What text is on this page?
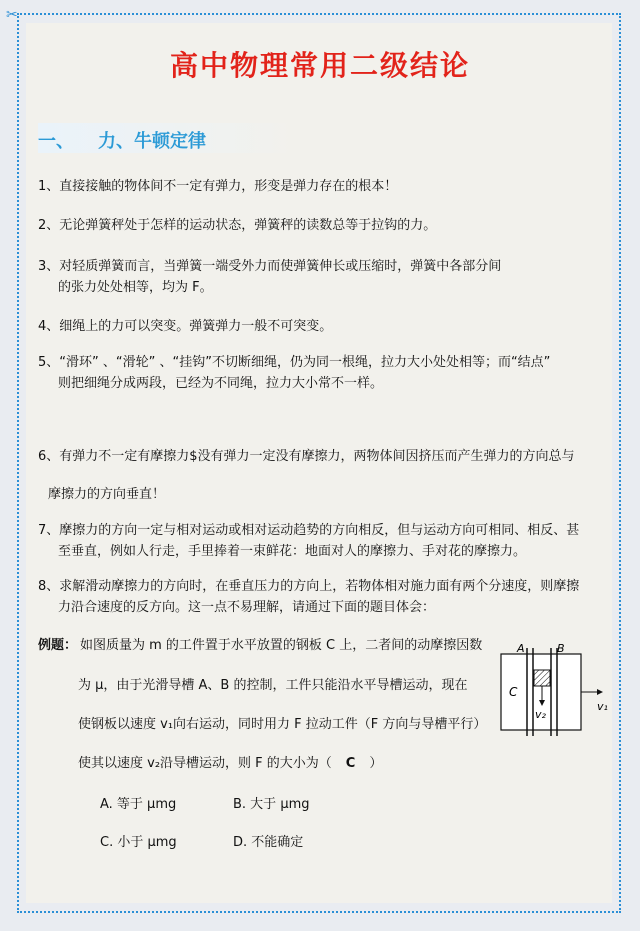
✂
高中物理常用二级结论
一、 力、牛顿定律
1、直接接触的物体间不一定有弹力，形变是弹力存在的根本！
2、无论弹簧秤处于怎样的运动状态，弹簧秤的读数总等于拉钩的力。
3、对轻质弹簧而言，当弹簧一端受外力而使弹簧伸长或压缩时，弹簧中各部分间
的张力处处相等，均为 F。
4、细绳上的力可以突变。弹簧弹力一般不可突变。
5、“滑环” 、“滑轮” 、“挂钩”不切断细绳，仍为同一根绳，拉力大小处处相等；而“结点”
则把细绳分成两段，已经为不同绳，拉力大小常不一样。
6、有弹力不一定有摩擦力$没有弹力一定没有摩擦力，两物体间因挤压而产生弹力的方向总与
摩擦力的方向垂直！
7、摩擦力的方向一定与相对运动或相对运动趋势的方向相反，但与运动方向可相同、相反、甚
至垂直，例如人行走，手里捧着一束鲜花：地面对人的摩擦力、手对花的摩擦力。
8、求解滑动摩擦力的方向时，在垂直压力的方向上，若物体相对施力面有两个分速度，则摩擦
力沿合速度的反方向。这一点不易理解，请通过下面的题目体会：
例题： 如图质量为 m 的工件置于水平放置的钢板 C 上，二者间的动摩擦因数
为 μ，由于光滑导槽 A、B 的控制，工件只能沿水平导槽运动，现在
使钢板以速度 v₁向右运动，同时用力 F 拉动工件（F 方向与导槽平行）
使其以速度 v₂沿导槽运动，则 F 的大小为（ C ）
A. 等于 μmg	B. 大于 μmg
C. 小于 μmg	D. 不能确定
A	B
C
v₂
v₁
